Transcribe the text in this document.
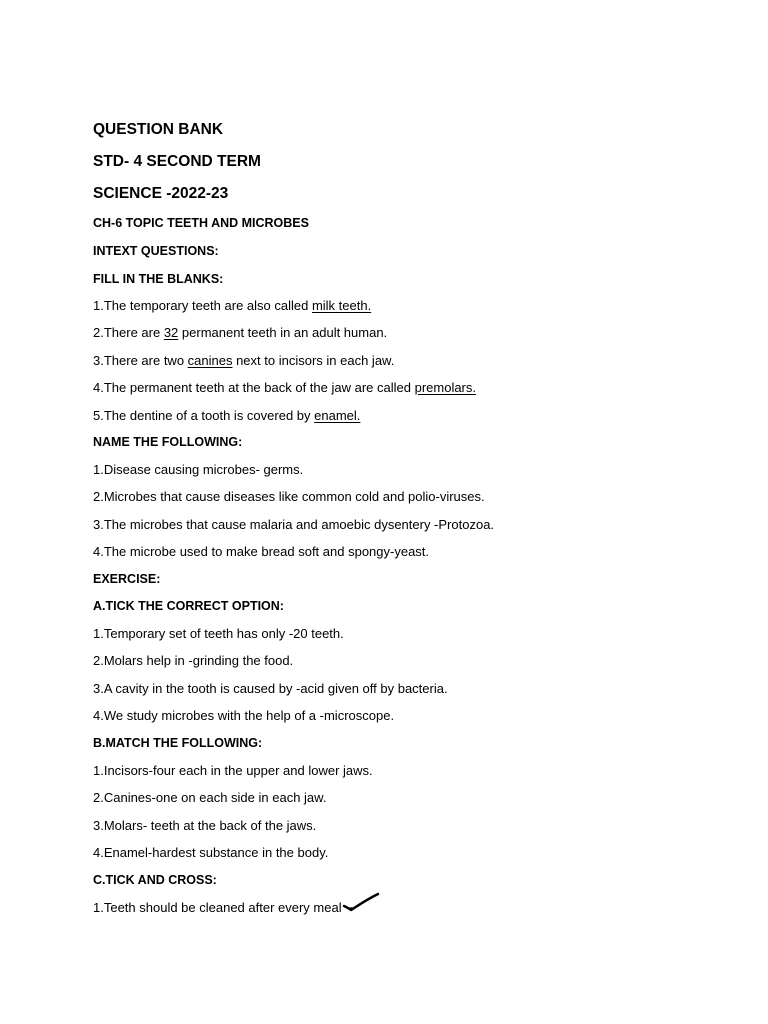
QUESTION BANK
STD- 4 SECOND TERM
SCIENCE -2022-23
CH-6 TOPIC TEETH AND MICROBES
INTEXT QUESTIONS:
FILL IN THE BLANKS:
1.The temporary teeth are also called milk teeth.
2.There are 32 permanent teeth in an adult human.
3.There are two canines next to incisors in each jaw.
4.The permanent teeth at the back of the jaw are called premolars.
5.The dentine of a tooth is covered by enamel.
NAME THE FOLLOWING:
1.Disease causing microbes- germs.
2.Microbes that cause diseases like common cold and polio-viruses.
3.The microbes that cause malaria and amoebic dysentery -Protozoa.
4.The microbe used to make bread soft and spongy-yeast.
EXERCISE:
A.TICK THE CORRECT OPTION:
1.Temporary set of teeth has only -20 teeth.
2.Molars help in -grinding the food.
3.A cavity in the tooth is caused by -acid given off by bacteria.
4.We study microbes with the help of a -microscope.
B.MATCH THE FOLLOWING:
1.Incisors-four each in the upper and lower jaws.
2.Canines-one on each side in each jaw.
3.Molars- teeth at the back of the jaws.
4.Enamel-hardest substance in the body.
C.TICK AND CROSS:
1.Teeth should be cleaned after every meal
